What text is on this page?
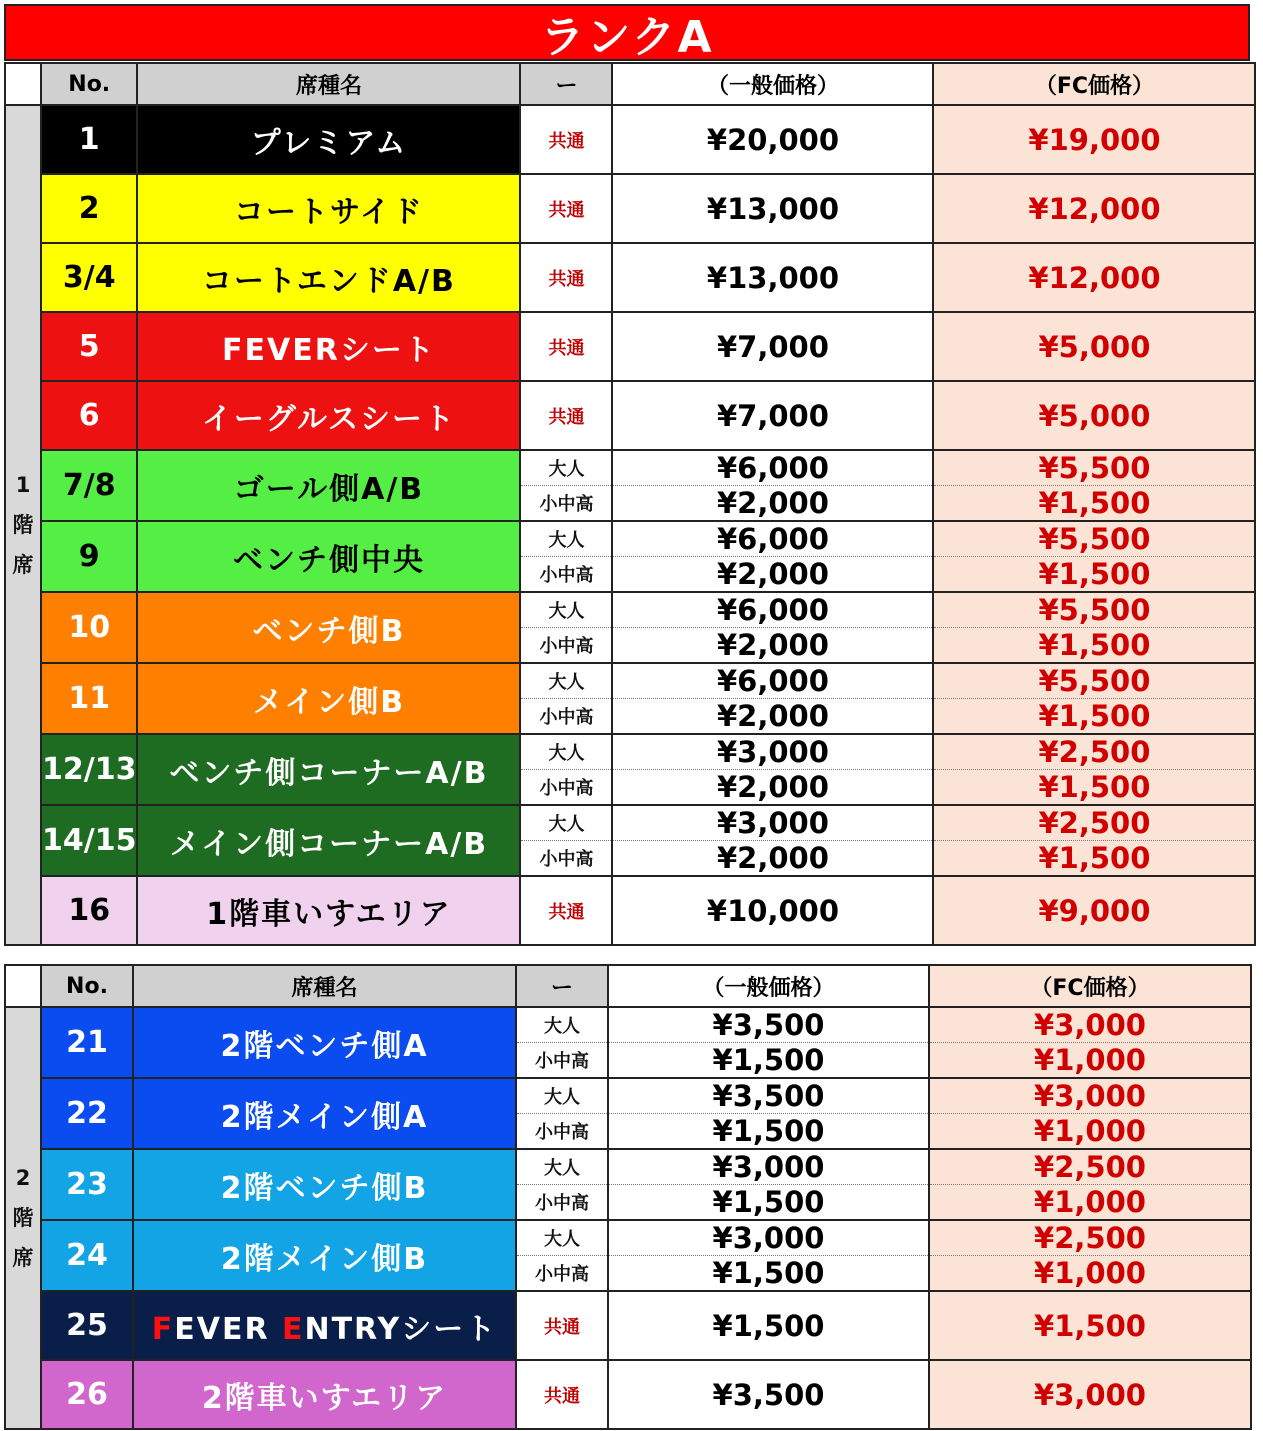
ランクA
	No.	席種名	ー	（一般価格）	（FC価格）

1
階
席	1	プレミアム	共通	¥20,000	¥19,000
	2	コートサイド	共通	¥13,000	¥12,000
	3/4	コートエンドA/B	共通	¥13,000	¥12,000
	5	FEVERシート	共通	¥7,000	¥5,000
	6	イーグルスシート	共通	¥7,000	¥5,000
	7/8	ゴール側A/B	大人	¥6,000	¥5,500
			小中高	¥2,000	¥1,500
	9	ベンチ側中央	大人	¥6,000	¥5,500
			小中高	¥2,000	¥1,500
	10	ベンチ側B	大人	¥6,000	¥5,500
			小中高	¥2,000	¥1,500
	11	メイン側B	大人	¥6,000	¥5,500
			小中高	¥2,000	¥1,500
	12/13	ベンチ側コーナーA/B	大人	¥3,000	¥2,500
			小中高	¥2,000	¥1,500
	14/15	メイン側コーナーA/B	大人	¥3,000	¥2,500
			小中高	¥2,000	¥1,500
	16	1階車いすエリア	共通	¥10,000	¥9,000
	No.	席種名	ー	（一般価格）	（FC価格）

2
階
席	21	2階ベンチ側A	大人	¥3,500	¥3,000
			小中高	¥1,500	¥1,000
	22	2階メイン側A	大人	¥3,500	¥3,000
			小中高	¥1,500	¥1,000
	23	2階ベンチ側B	大人	¥3,000	¥2,500
			小中高	¥1,500	¥1,000
	24	2階メイン側B	大人	¥3,000	¥2,500
			小中高	¥1,500	¥1,000
	25	FEVER ENTRYシート	共通	¥1,500	¥1,500
	26	2階車いすエリア	共通	¥3,500	¥3,000
